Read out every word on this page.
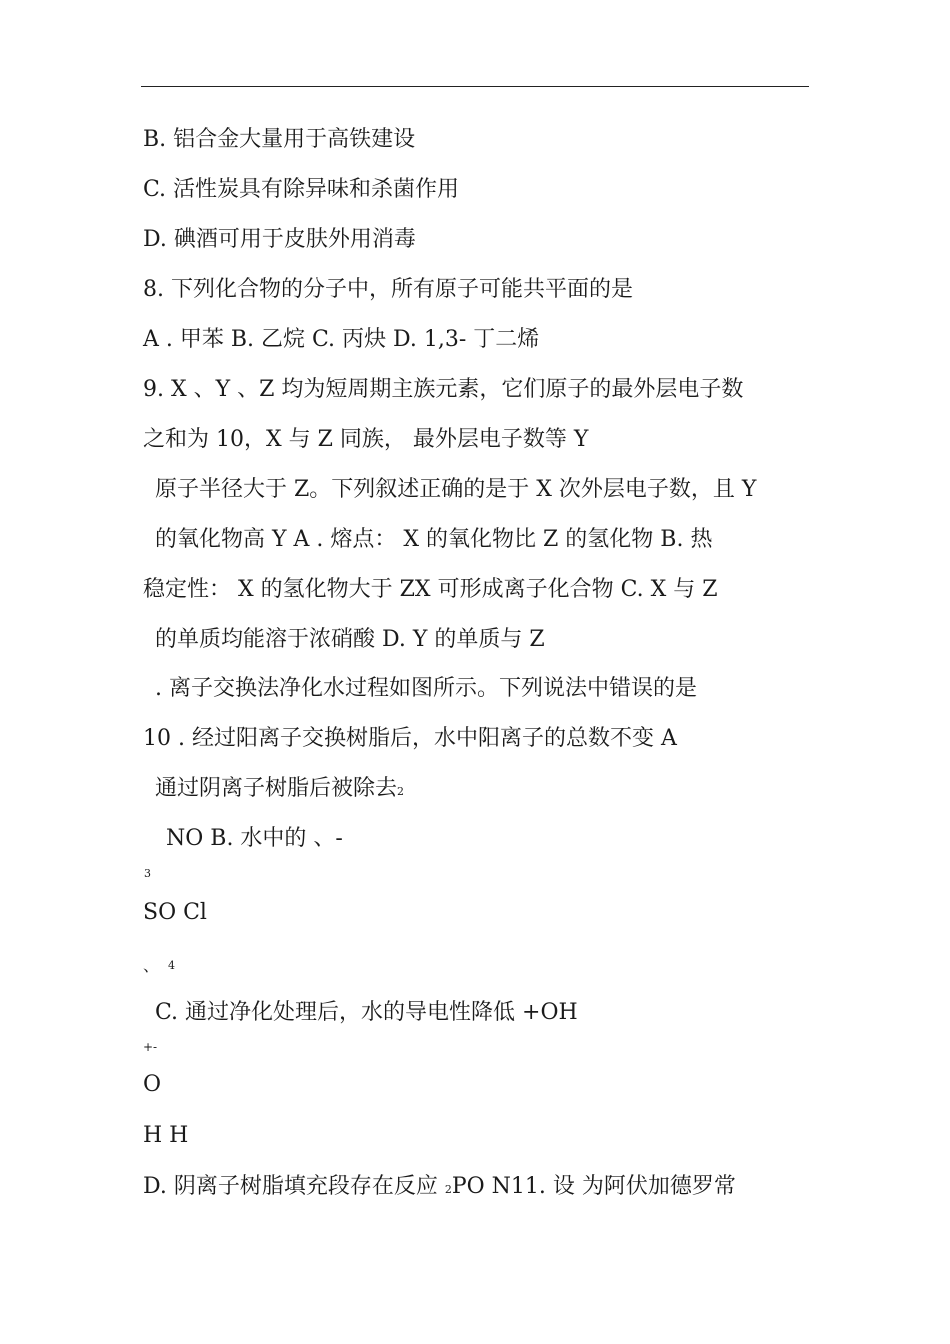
B. 铝合金大量用于高铁建设
C. 活性炭具有除异味和杀菌作用
D. 碘酒可用于皮肤外用消毒
8. 下列化合物的分子中，所有原子可能共平面的是
A . 甲苯 B. 乙烷 C. 丙炔 D. 1,3- 丁二烯
9. X 、Y 、Z 均为短周期主族元素，它们原子的最外层电子数
之和为 10，X 与 Z 同族， 最外层电子数等 Y
原子半径大于 Z。下列叙述正确的是于 X 次外层电子数，且 Y
的氧化物高 Y A . 熔点： X 的氧化物比 Z 的氢化物 B. 热
稳定性： X 的氢化物大于 ZX 可形成离子化合物 C. X 与 Z
的单质均能溶于浓硝酸 D. Y 的单质与 Z
. 离子交换法净化水过程如图所示。下列说法中错误的是
10 . 经过阳离子交换树脂后，水中阳离子的总数不变 A
通过阴离子树脂后被除去2
NO B. 水中的 、-
3
SO Cl
、 4
C. 通过净化处理后，水的导电性降低 +OH
+-
O
H H
D. 阴离子树脂填充段存在反应 2PO N11. 设 为阿伏加德罗常
